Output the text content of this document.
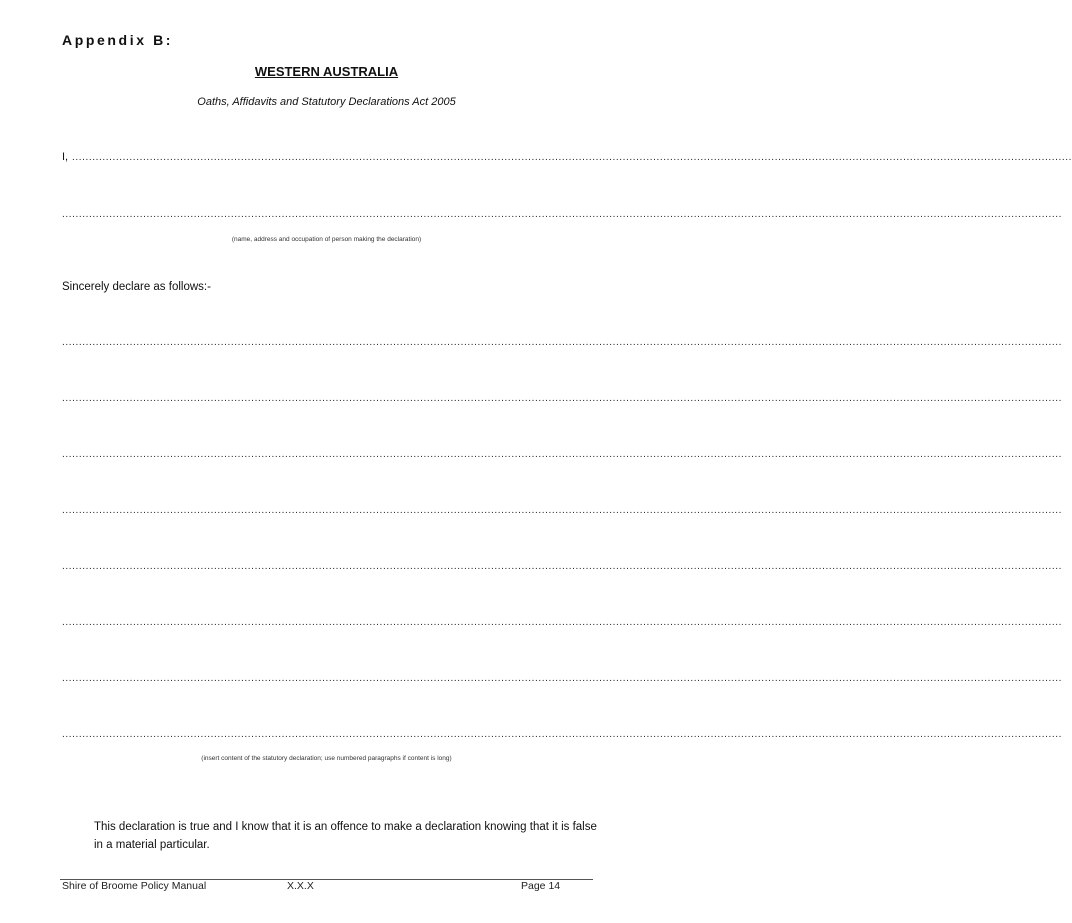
Appendix B:
WESTERN AUSTRALIA
Oaths, Affidavits and Statutory Declarations Act 2005
I, ........................................................................................................................................................................................................................................................................................................
........................................................................................................................................................................................................................................................................................................
(name, address and occupation of person making the declaration)
Sincerely declare as follows:-
........................................................................................................................................................................................................................................................................................................
........................................................................................................................................................................................................................................................................................................
........................................................................................................................................................................................................................................................................................................
........................................................................................................................................................................................................................................................................................................
........................................................................................................................................................................................................................................................................................................
........................................................................................................................................................................................................................................................................................................
........................................................................................................................................................................................................................................................................................................
........................................................................................................................................................................................................................................................................................................
(insert content of the statutory declaration; use numbered paragraphs if content is long)
This declaration is true and I know that it is an offence to make a declaration knowing that it is false in a material particular.
Shire of Broome Policy Manual	X.X.X	Page 14
